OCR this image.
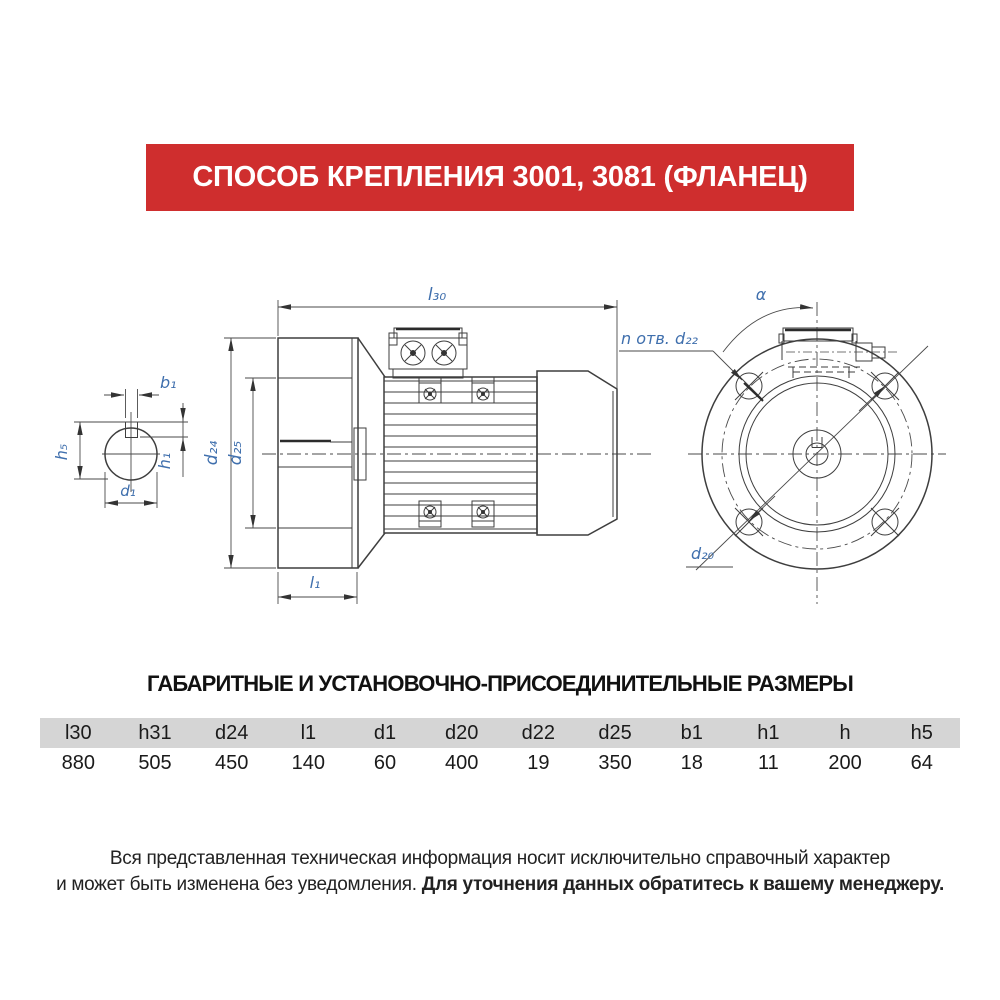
СПОСОБ КРЕПЛЕНИЯ 3001, 3081 (ФЛАНЕЦ)
b₁
h₅
h₁
d₁
l₃₀
d₂₄ d₂₅
l₁
d₂₀
n отв. d₂₂
α
ГАБАРИТНЫЕ И УСТАНОВОЧНО-ПРИСОЕДИНИТЕЛЬНЫЕ РАЗМЕРЫ
l30	h31	d24	l1	d1	d20	d22	d25	b1	h1	h	h5
880	505	450	140	60	400	19	350	18	11	200	64
Вся представленная техническая информация носит исключительно справочный характер
и может быть изменена без уведомления. Для уточнения данных обратитесь к вашему менеджеру.
